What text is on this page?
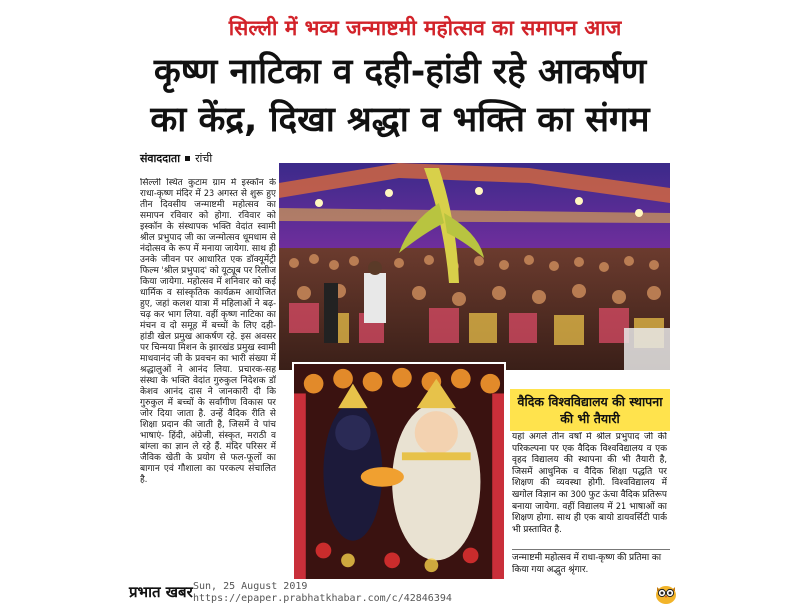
सिल्ली में भव्य जन्माष्टमी महोत्सव का समापन आज
कृष्ण नाटिका व दही-हांडी रहे आकर्षण
का केंद्र, दिखा श्रद्धा व भक्ति का संगम
संवाददाता रांची
सिल्ली स्थित कुटाम ग्राम में इस्कॉन के राधा-कृष्ण मंदिर में 23 अगस्त से शुरू हुए तीन दिवसीय जन्माष्टमी महोत्सव का समापन रविवार को होगा. रविवार को इस्कॉन के संस्थापक भक्ति वेदांत स्वामी श्रील प्रभुपाद जी का जन्मोत्सव धूमधाम से नंदोत्सव के रूप में मनाया जायेगा. साथ ही उनके जीवन पर आधारित एक डॉक्यूमेंट्री फिल्म 'श्रील प्रभुपाद' को यूट्यूब पर रिलीज किया जायेगा. महोत्सव में शनिवार को कई धार्मिक व सांस्कृतिक कार्यक्रम आयोजित हुए, जहां कलश यात्रा में महिलाओं ने बढ़-चढ़ कर भाग लिया. वहीं कृष्ण नाटिका का मंचन व दो समूह में बच्चों के लिए दही-हांडी खेल प्रमुख आकर्षण रहे. इस अवसर पर चिन्मया मिशन के झारखंड प्रमुख स्वामी माधवानंद जी के प्रवचन का भारी संख्या में श्रद्धालुओं ने आनंद लिया. प्रचारक-सह संस्था के भक्ति वेदांत गुरुकुल निदेशक डॉ केशव आनंद दास ने जानकारी दी कि गुरुकुल में बच्चों के सर्वांगीण विकास पर जोर दिया जाता है. उन्हें वैदिक रीति से शिक्षा प्रदान की जाती है, जिसमें वे पांच भाषाएं- हिंदी, अंग्रेजी, संस्कृत, मराठी व बांग्ला का ज्ञान ले रहे हैं. मंदिर परिसर में जैविक खेती के प्रयोग से फल-फूलों का बागान एवं गौशाला का परकल्प संचालित है.
वैदिक विश्वविद्यालय की स्थापना की भी तैयारी
यहां अगले तीन वर्षों में श्रील प्रभुपाद जी की परिकल्पना पर एक वैदिक विश्वविद्यालय व एक वृहद विद्यालय की स्थापना की भी तैयारी है, जिसमें आधुनिक व वैदिक शिक्षा पद्धति पर शिक्षण की व्यवस्था होगी. विश्वविद्यालय में खगोल विज्ञान का 300 फुट ऊंचा वैदिक प्रतिरूप बनाया जायेगा. वहीं विद्यालय में 21 भाषाओं का शिक्षण होगा. साथ ही एक बायो डायवर्सिटी पार्क भी प्रस्तावित है.
जन्माष्टमी महोत्सव में राधा-कृष्ण की प्रतिमा का किया गया अद्भुत श्रृंगार.
प्रभात खबर Sun, 25 August 2019
https://epaper.prabhatkhabar.com/c/42846394
